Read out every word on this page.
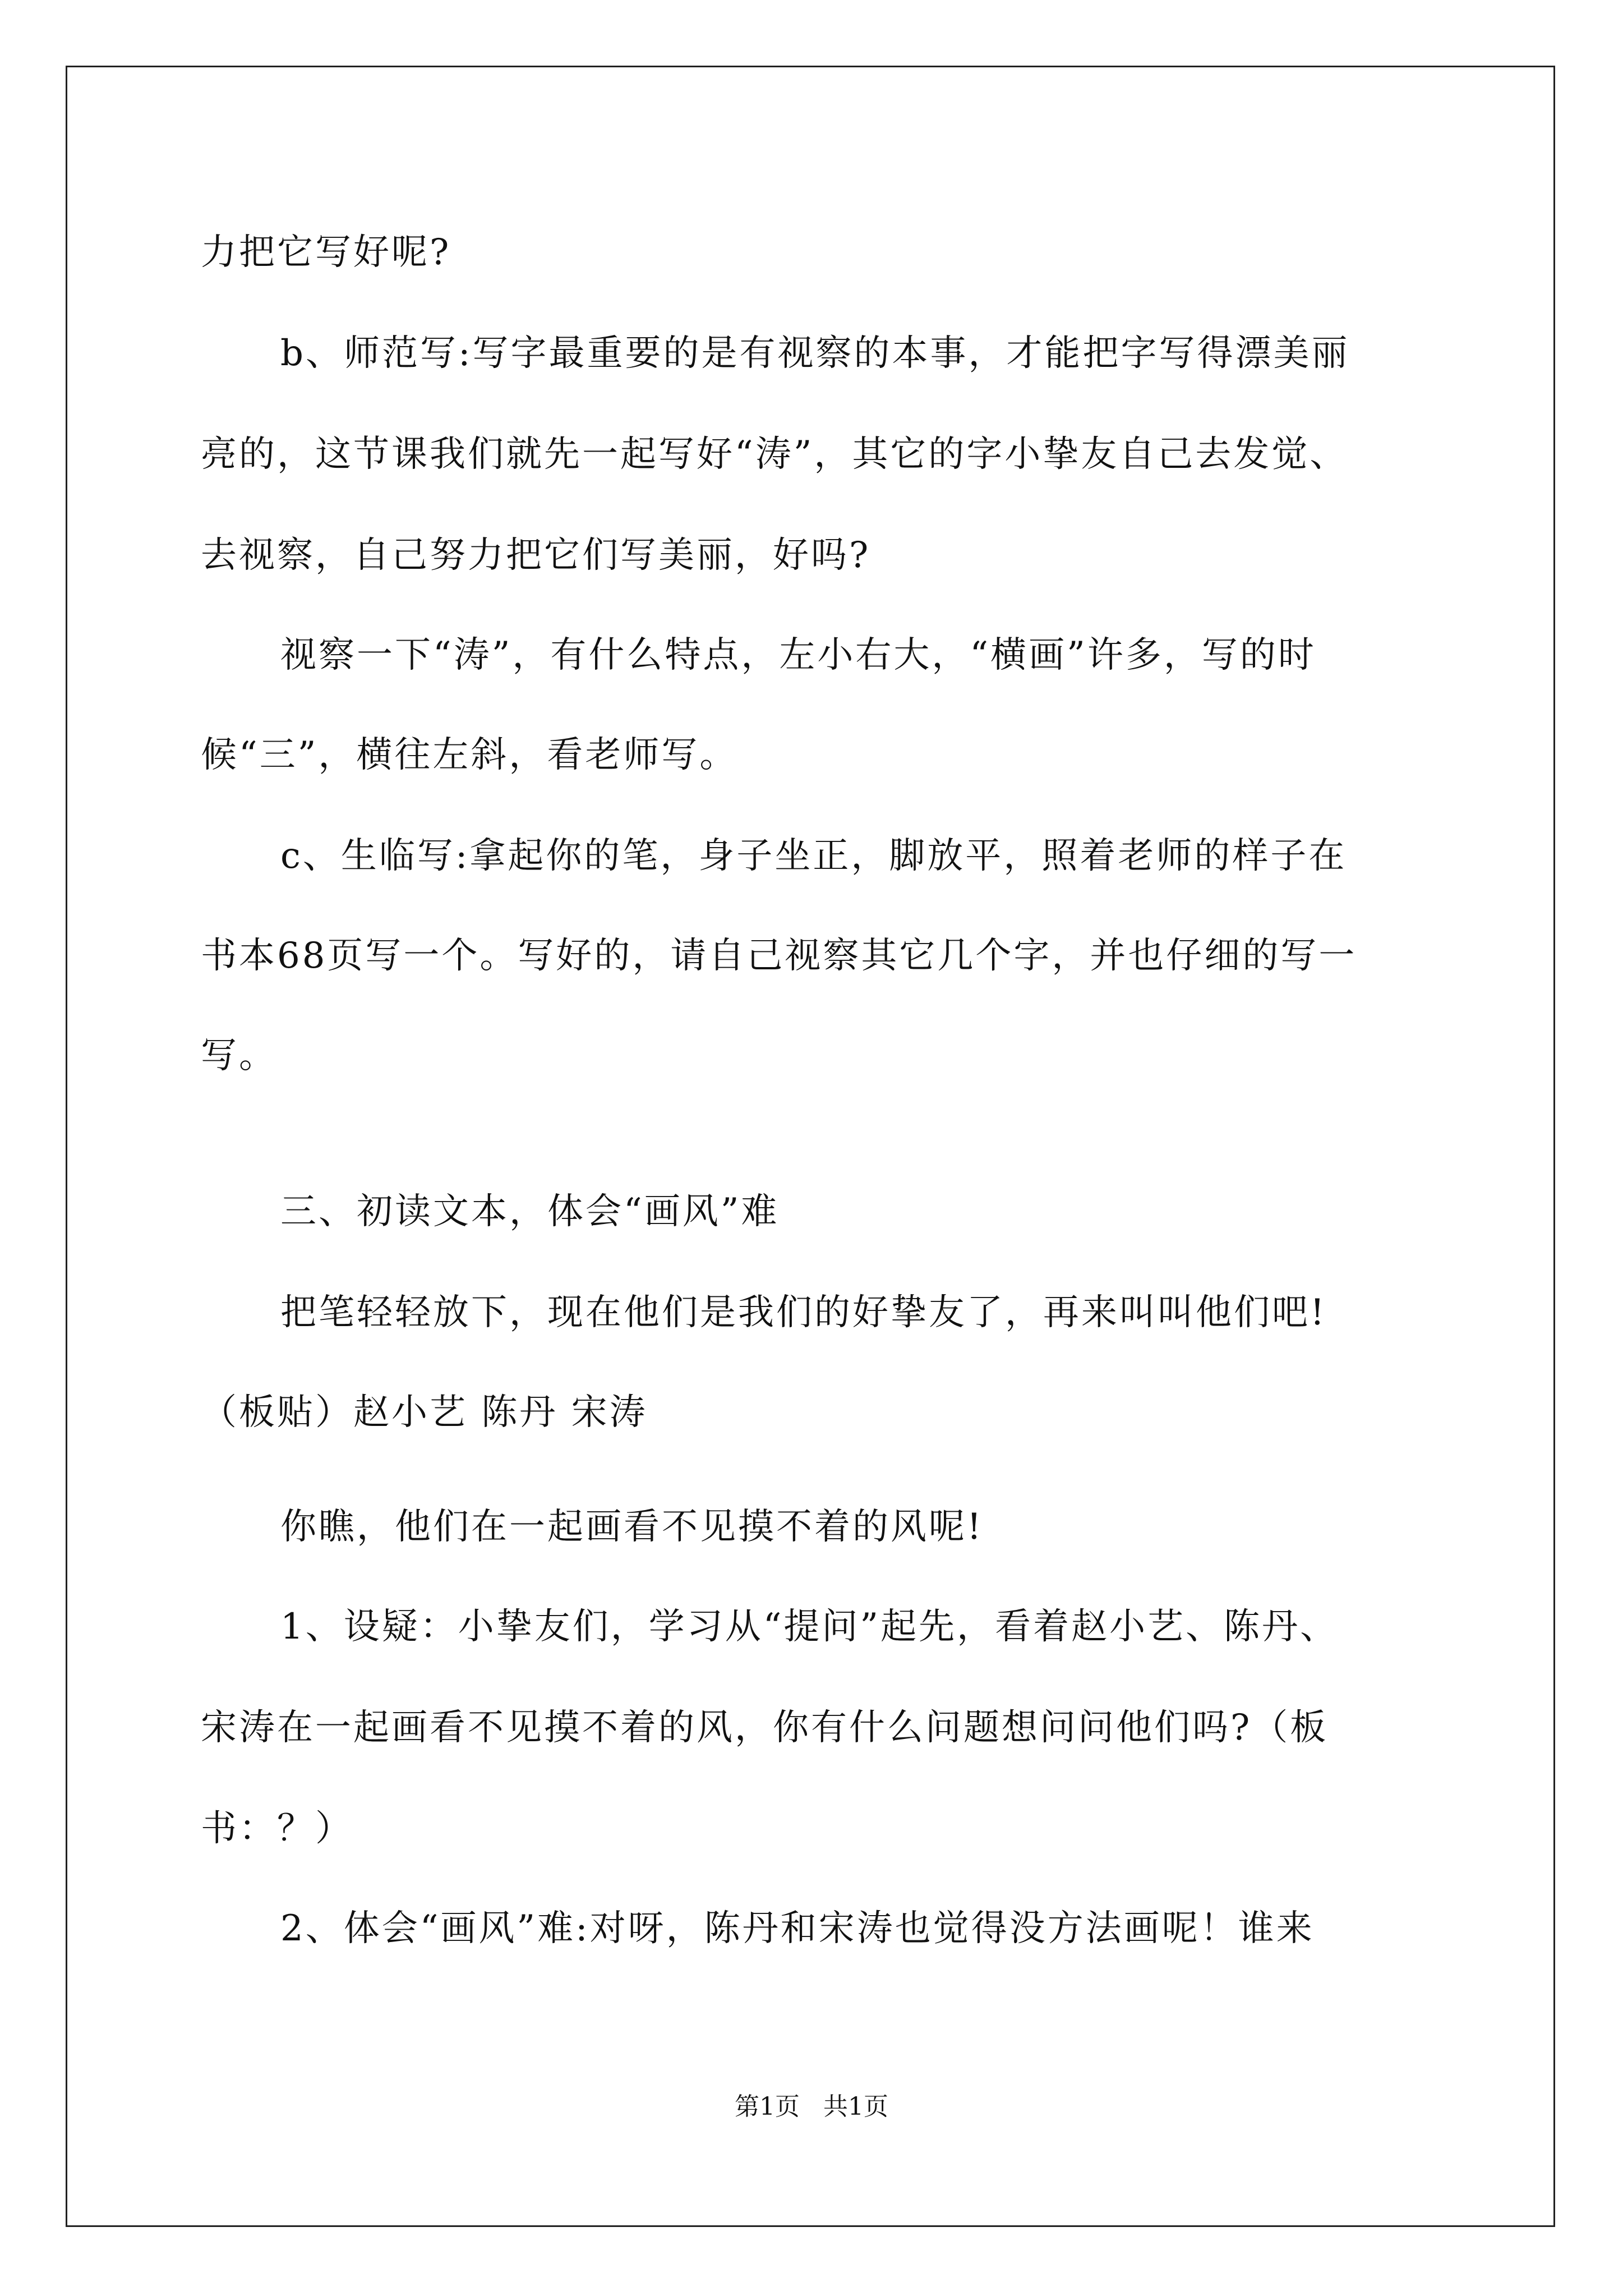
力把它写好呢?
b、师范写:写字最重要的是有视察的本事，才能把字写得漂美丽
亮的，这节课我们就先一起写好“涛”，其它的字小挚友自己去发觉、
去视察，自己努力把它们写美丽，好吗?
视察一下“涛”，有什么特点，左小右大，“横画”许多，写的时
候“三”，横往左斜，看老师写。
c、生临写:拿起你的笔，身子坐正，脚放平，照着老师的样子在
书本68页写一个。写好的，请自己视察其它几个字，并也仔细的写一
写。
三、初读文本，体会“画风”难
把笔轻轻放下，现在他们是我们的好挚友了，再来叫叫他们吧!
（板贴）赵小艺 陈丹 宋涛
你瞧，他们在一起画看不见摸不着的风呢!
1、设疑：小挚友们，学习从“提问”起先，看着赵小艺、陈丹、
宋涛在一起画看不见摸不着的风，你有什么问题想问问他们吗?（板
书：？）
2、体会“画风”难:对呀，陈丹和宋涛也觉得没方法画呢！谁来
第1页   共1页
